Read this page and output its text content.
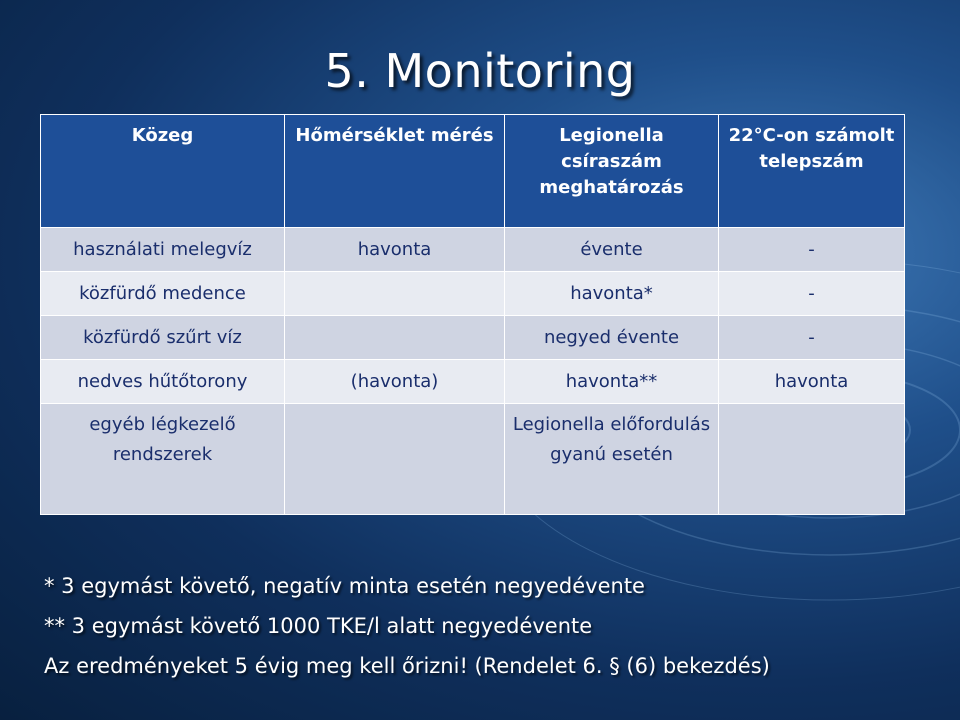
5. Monitoring
Közeg	Hőmérséklet mérés	Legionella csíraszám meghatározás	22°C-on számolt telepszám
használati melegvíz	havonta	évente	-
közfürdő medence		havonta*	-
közfürdő szűrt víz		negyed évente	-
nedves hűtőtorony	(havonta)	havonta**	havonta
egyéb légkezelő rendszerek		Legionella előfordulás gyanú esetén	
* 3 egymást követő, negatív minta esetén negyedévente
** 3 egymást követő 1000 TKE/l alatt negyedévente
Az eredményeket 5 évig meg kell őrizni! (Rendelet 6. § (6) bekezdés)
